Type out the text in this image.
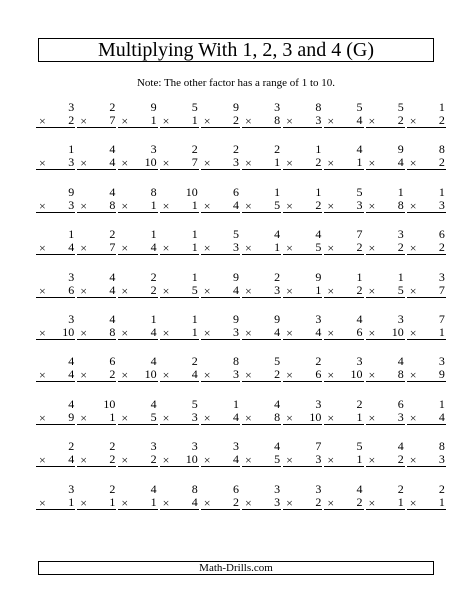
Multiplying With 1, 2, 3 and 4 (G)
Note: The other factor has a range of 1 to 10.
3
× 2
2
× 7
9
× 1
5
× 1
9
× 2
3
× 8
8
× 3
5
× 4
5
× 2
1
× 2
1
× 3
4
× 4
3
× 10
2
× 7
2
× 3
2
× 1
1
× 2
4
× 1
9
× 4
8
× 2
9
× 3
4
× 8
8
× 1
10
× 1
6
× 4
1
× 5
1
× 2
5
× 3
1
× 8
1
× 3
1
× 4
2
× 7
1
× 4
1
× 1
5
× 3
4
× 1
4
× 5
7
× 2
3
× 2
6
× 2
3
× 6
4
× 4
2
× 2
1
× 5
9
× 4
2
× 3
9
× 1
1
× 2
1
× 5
3
× 7
3
× 10
4
× 8
1
× 4
1
× 1
9
× 3
9
× 4
3
× 4
4
× 6
3
× 10
7
× 1
4
× 4
6
× 2
4
× 10
2
× 4
8
× 3
5
× 2
2
× 6
3
× 10
4
× 8
3
× 9
4
× 9
10
× 1
4
× 5
5
× 3
1
× 4
4
× 8
3
× 10
2
× 1
6
× 3
1
× 4
2
× 4
2
× 2
3
× 2
3
× 10
3
× 4
4
× 5
7
× 3
5
× 1
4
× 2
8
× 3
3
× 1
2
× 1
4
× 1
8
× 4
6
× 2
3
× 3
3
× 2
4
× 2
2
× 1
2
× 1
Math-Drills.com
